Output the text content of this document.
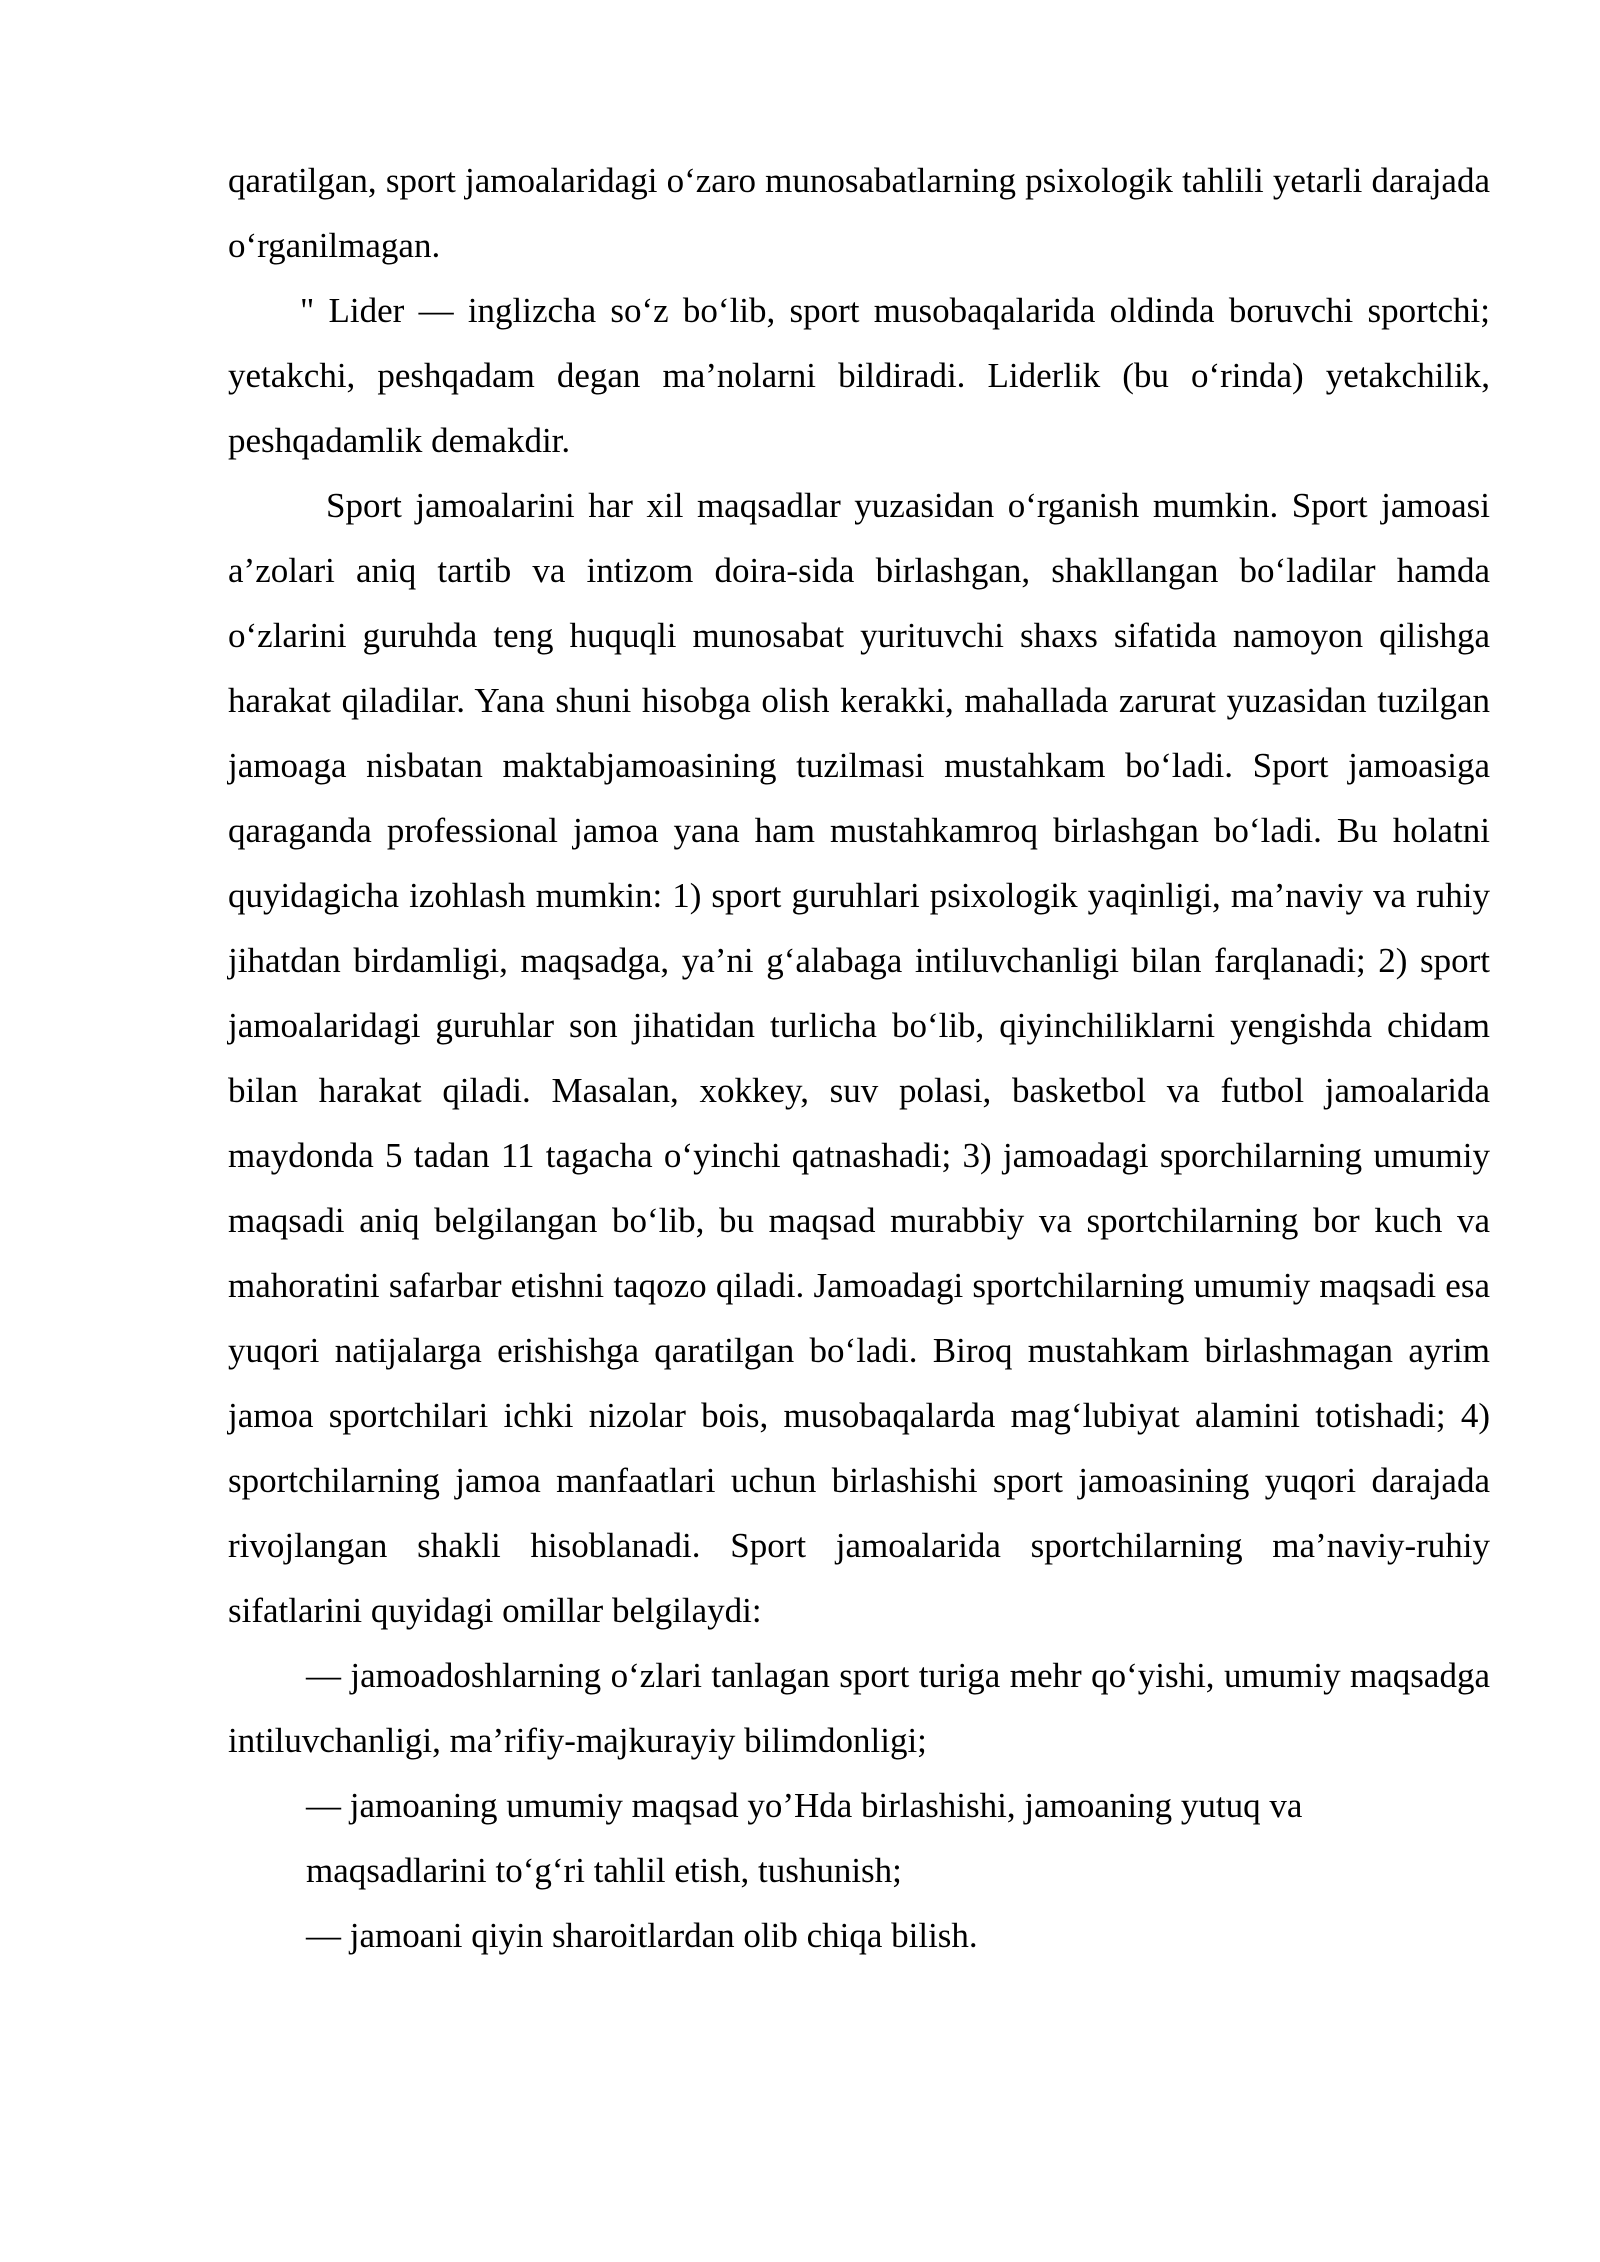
qaratilgan, sport jamoalaridagi o‘zaro munosabatlarning psixologik tahlili yetarli darajada o‘rganilmagan.

" Lider — inglizcha so‘z bo‘lib, sport musobaqalarida oldinda boruvchi sportchi; yetakchi, peshqadam degan ma’nolarni bildiradi. Liderlik (bu o‘rinda) yetakchilik, peshqadamlik demakdir.

Sport jamoalarini har xil maqsadlar yuzasidan o‘rganish mumkin. Sport jamoasi a’zolari aniq tartib va intizom doira-sida birlashgan, shakllangan bo‘ladilar hamda o‘zlarini guruhda teng huquqli munosabat yurituvchi shaxs sifatida namoyon qilishga harakat qiladilar. Yana shuni hisobga olish kerakki, mahallada zarurat yuzasidan tuzilgan jamoaga nisbatan maktabjamoasining tuzilmasi mustahkam bo‘ladi. Sport jamoasiga qaraganda professional jamoa yana ham mustahkamroq birlashgan bo‘ladi. Bu holatni quyidagicha izohlash mumkin: 1) sport guruhlari psixologik yaqinligi, ma’naviy va ruhiy jihatdan birdamligi, maqsadga, ya’ni g‘alabaga intiluvchanligi bilan farqlanadi; 2) sport jamoalaridagi guruhlar son jihatidan turlicha bo‘lib, qiyinchiliklarni yengishda chidam bilan harakat qiladi. Masalan, xokkey, suv polasi, basketbol va futbol jamoalarida maydonda 5 tadan 11 tagacha o‘yinchi qatnashadi; 3) jamoadagi sporchilarning umumiy maqsadi aniq belgilangan bo‘lib, bu maqsad murabbiy va sportchilarning bor kuch va mahoratini safarbar etishni taqozo qiladi. Jamoadagi sportchilarning umumiy maqsadi esa yuqori natijalarga erishishga qaratilgan bo‘ladi. Biroq mustahkam birlashmagan ayrim jamoa sportchilari ichki nizolar bois, musobaqalarda mag‘lubiyat alamini totishadi; 4) sportchilarning jamoa manfaatlari uchun birlashishi sport jamoasining yuqori darajada rivojlangan shakli hisoblanadi. Sport jamoalarida sportchilarning ma’naviy-ruhiy sifatlarini quyidagi omillar belgilaydi:

— jamoadoshlarning o‘zlari tanlagan sport turiga mehr qo‘yishi, umumiy maqsadga intiluvchanligi, ma’rifiy-majkurayiy bilimdonligi;

— jamoaning umumiy maqsad yo’Hda birlashishi, jamoaning yutuq va maqsadlarini to‘g‘ri tahlil etish, tushunish;

— jamoani qiyin sharoitlardan olib chiqa bilish.
